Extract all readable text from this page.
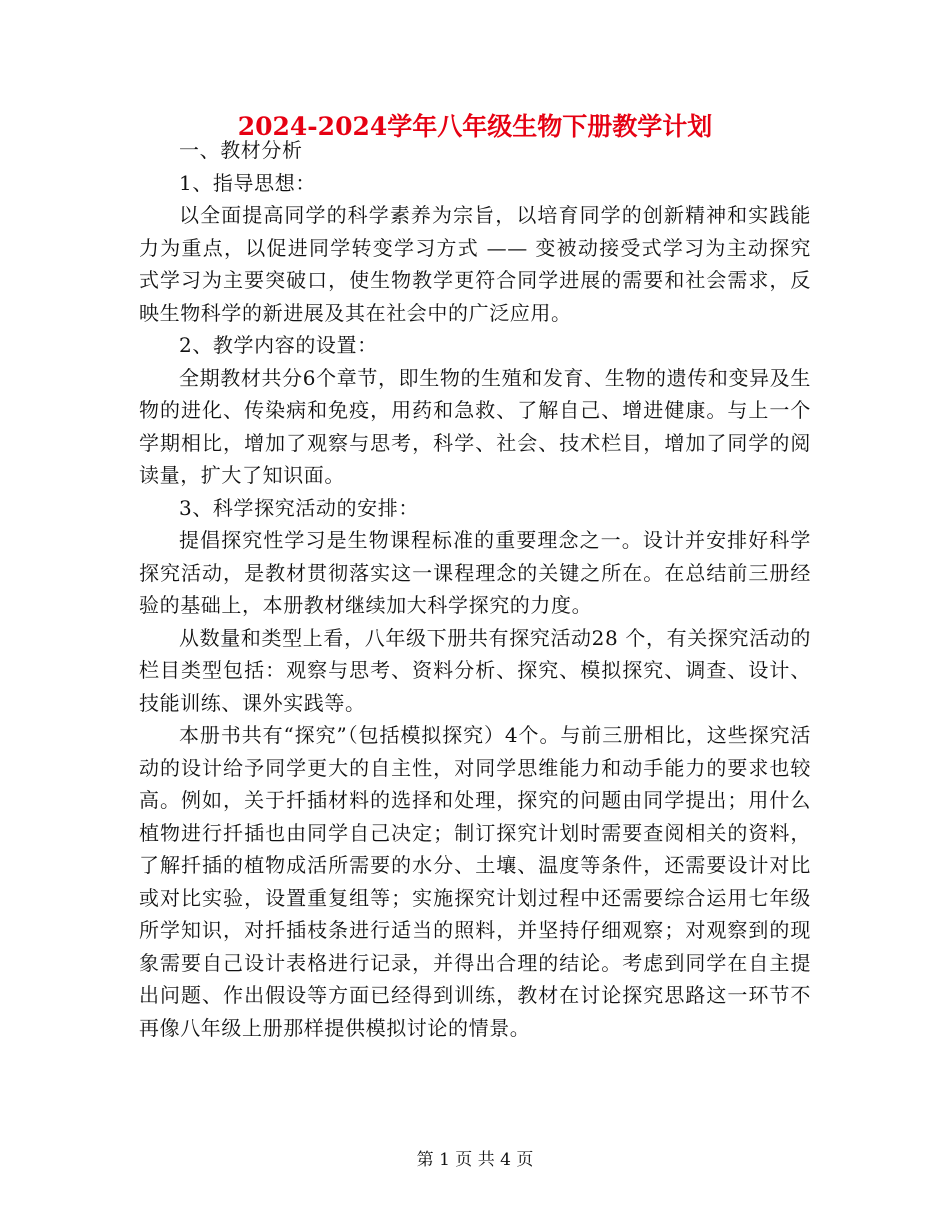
2024-2024学年八年级生物下册教学计划

一、教材分析

1、指导思想：

以全面提高同学的科学素养为宗旨，以培育同学的创新精神和实践能力为重点，以促进同学转变学习方式 —— 变被动接受式学习为主动探究式学习为主要突破口，使生物教学更符合同学进展的需要和社会需求，反映生物科学的新进展及其在社会中的广泛应用。

2、教学内容的设置：

全期教材共分6个章节，即生物的生殖和发育、生物的遗传和变异及生物的进化、传染病和免疫，用药和急救、了解自己、增进健康。与上一个学期相比，增加了观察与思考，科学、社会、技术栏目，增加了同学的阅读量，扩大了知识面。

3、科学探究活动的安排：

提倡探究性学习是生物课程标准的重要理念之一。设计并安排好科学探究活动，是教材贯彻落实这一课程理念的关键之所在。在总结前三册经验的基础上，本册教材继续加大科学探究的力度。

从数量和类型上看，八年级下册共有探究活动28 个，有关探究活动的栏目类型包括：观察与思考、资料分析、探究、模拟探究、调查、设计、技能训练、课外实践等。

本册书共有“探究”（包括模拟探究）4个。与前三册相比，这些探究活动的设计给予同学更大的自主性，对同学思维能力和动手能力的要求也较高。例如，关于扦插材料的选择和处理，探究的问题由同学提出；用什么植物进行扦插也由同学自己决定；制订探究计划时需要查阅相关的资料，了解扦插的植物成活所需要的水分、土壤、温度等条件，还需要设计对比或对比实验，设置重复组等；实施探究计划过程中还需要综合运用七年级所学知识，对扦插枝条进行适当的照料，并坚持仔细观察；对观察到的现象需要自己设计表格进行记录，并得出合理的结论。考虑到同学在自主提出问题、作出假设等方面已经得到训练，教材在讨论探究思路这一环节不再像八年级上册那样提供模拟讨论的情景。

第 1 页 共 4 页
